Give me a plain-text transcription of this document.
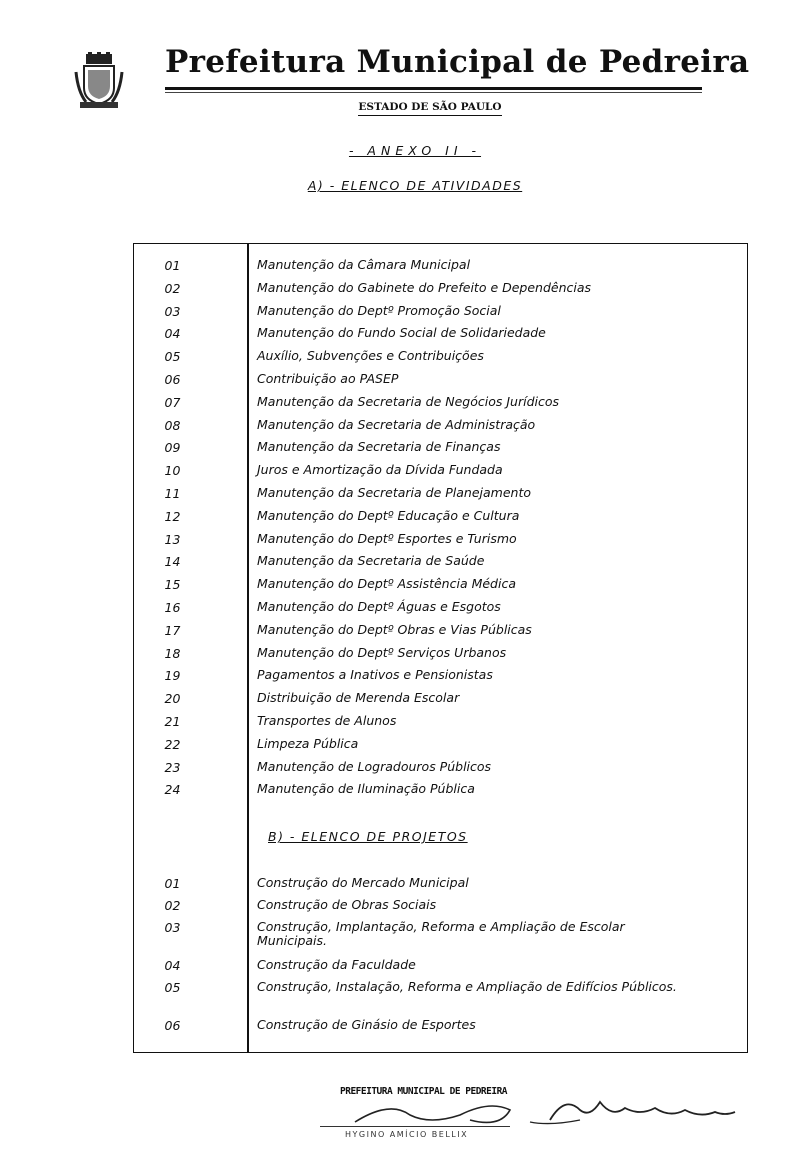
Prefeitura Municipal de Pedreira
ESTADO DE SÃO PAULO
- ANEXO II -
A) - ELENCO DE ATIVIDADES
01	Manutenção da Câmara Municipal
02	Manutenção do Gabinete do Prefeito e Dependências
03	Manutenção do Deptº Promoção Social
04	Manutenção do Fundo Social de Solidariedade
05	Auxílio, Subvenções e Contribuições
06	Contribuição ao PASEP
07	Manutenção da Secretaria de Negócios Jurídicos
08	Manutenção da Secretaria de Administração
09	Manutenção da Secretaria de Finanças
10	Juros e Amortização da Dívida Fundada
11	Manutenção da Secretaria de Planejamento
12	Manutenção do Deptº Educação e Cultura
13	Manutenção do Deptº Esportes e Turismo
14	Manutenção da Secretaria de Saúde
15	Manutenção do Deptº Assistência Médica
16	Manutenção do Deptº Águas e Esgotos
17	Manutenção do Deptº Obras e Vias Públicas
18	Manutenção do Deptº Serviços Urbanos
19	Pagamentos a Inativos e Pensionistas
20	Distribuição de Merenda Escolar
21	Transportes de Alunos
22	Limpeza Pública
23	Manutenção de Logradouros Públicos
24	Manutenção de Iluminação Pública
B) - ELENCO DE PROJETOS
01	Construção do Mercado Municipal
02	Construção de Obras Sociais
03	Construção, Implantação, Reforma e Ampliação de Escolar Municipais.
04	Construção da Faculdade
05	Construção, Instalação, Reforma e Ampliação de Edifícios Públicos.
06	Construção de Ginásio de Esportes
PREFEITURA MUNICIPAL DE PEDREIRA
HYGINO AMÍCIO BELLIX
